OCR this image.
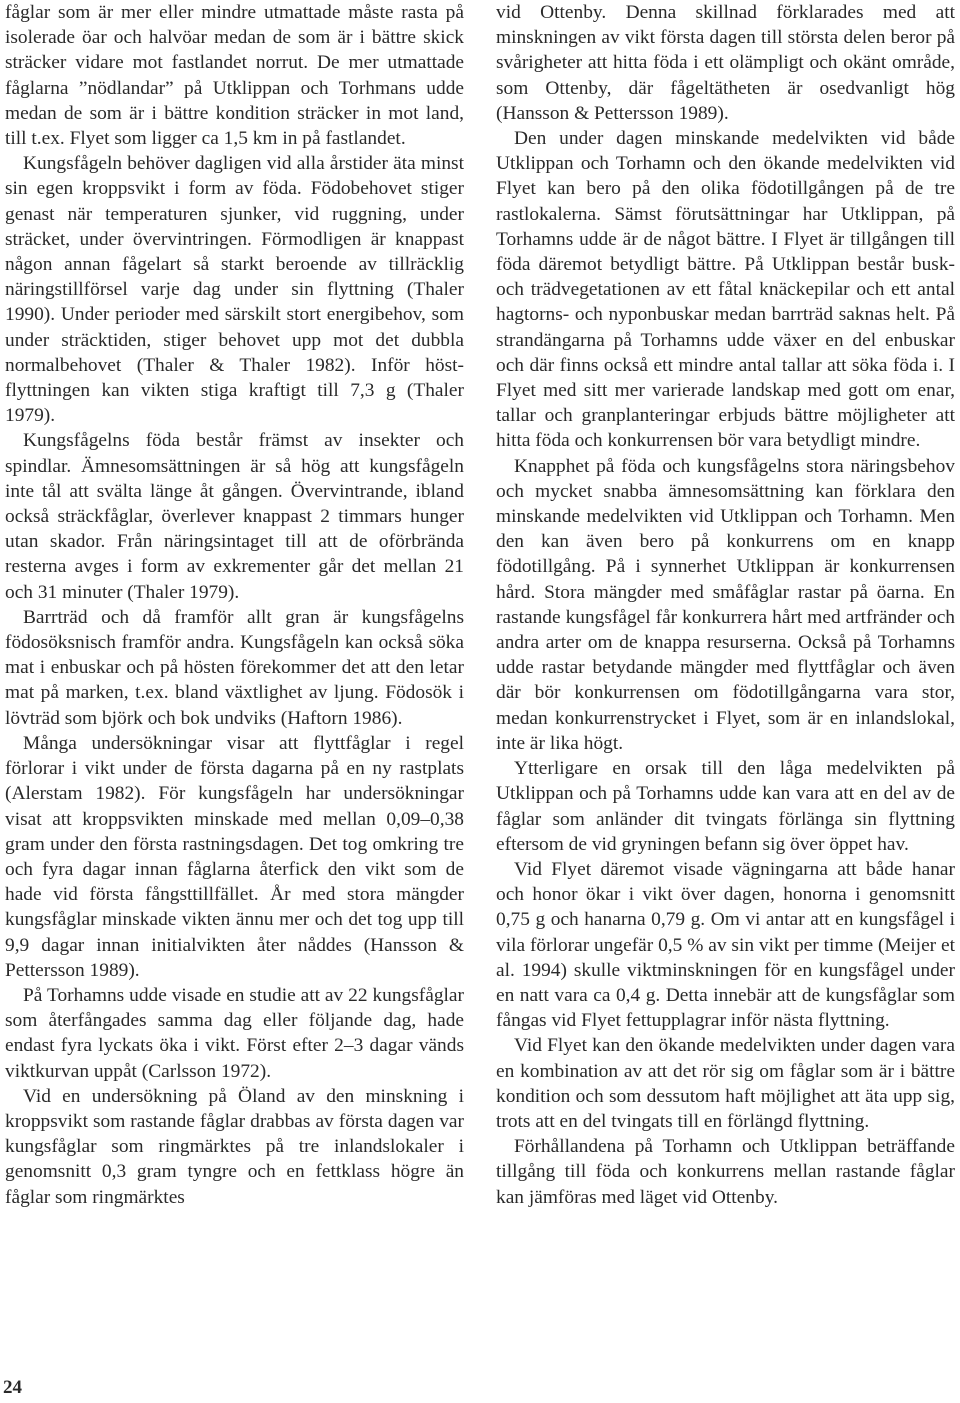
fåglar som är mer eller mindre utmattade måste rasta på isolerade öar och halvöar medan de som är i bättre skick sträcker vidare mot fastlandet norrut. De mer utmattade fåglarna ”nödlandar” på Utklippan och Torhmans udde medan de som är i bättre kondition sträcker in mot land, till t.ex. Flyet som ligger ca 1,5 km in på fastlandet.

Kungsfågeln behöver dagligen vid alla årstider äta minst sin egen kroppsvikt i form av föda. Födobehovet stiger genast när temperaturen sjunker, vid ruggning, under sträcket, under övervintringen. Förmodligen är knappast någon annan fågelart så starkt beroende av tillräcklig näringstillförsel varje dag under sin flyttning (Thaler 1990). Under perioder med särskilt stort energibehov, som under sträcktiden, stiger behovet upp mot det dubbla normalbehovet (Thaler & Thaler 1982). Inför höstflyttningen kan vikten stiga kraftigt till 7,3 g (Thaler 1979).

Kungsfågelns föda består främst av insekter och spindlar. Ämnesomsättningen är så hög att kungsfågeln inte tål att svälta länge åt gången. Övervintrande, ibland också sträckfåglar, överlever knappast 2 timmars hunger utan skador. Från näringsintaget till att de oförbrända resterna avges i form av exkrementer går det mellan 21 och 31 minuter (Thaler 1979).

Barrträd och då framför allt gran är kungsfågelns födosöksnisch framför andra. Kungsfågeln kan också söka mat i enbuskar och på hösten förekommer det att den letar mat på marken, t.ex. bland växtlighet av ljung. Födosök i lövträd som björk och bok undviks (Haftorn 1986).

Många undersökningar visar att flyttfåglar i regel förlorar i vikt under de första dagarna på en ny rastplats (Alerstam 1982). För kungsfågeln har undersökningar visat att kroppsvikten minskade med mellan 0,09–0,38 gram under den första rastningsdagen. Det tog omkring tre och fyra dagar innan fåglarna återfick den vikt som de hade vid första fångsttillfället. År med stora mängder kungsfåglar minskade vikten ännu mer och det tog upp till 9,9 dagar innan initialvikten åter nåddes (Hansson & Pettersson 1989).

På Torhamns udde visade en studie att av 22 kungsfåglar som återfångades samma dag eller följande dag, hade endast fyra lyckats öka i vikt. Först efter 2–3 dagar vänds viktkurvan uppåt (Carlsson 1972).

Vid en undersökning på Öland av den minskning i kroppsvikt som rastande fåglar drabbas av första dagen var kungsfåglar som ringmärktes på tre inlandslokaler i genomsnitt 0,3 gram tyngre och en fettklass högre än fåglar som ringmärktes

vid Ottenby. Denna skillnad förklarades med att minskningen av vikt första dagen till största delen beror på svårigheter att hitta föda i ett olämpligt och okänt område, som Ottenby, där fågeltätheten är osedvanligt hög (Hansson & Pettersson 1989).

Den under dagen minskande medelvikten vid både Utklippan och Torhamn och den ökande medelvikten vid Flyet kan bero på den olika födotillgången på de tre rastlokalerna. Sämst förutsättningar har Utklippan, på Torhamns udde är de något bättre. I Flyet är tillgången till föda däremot betydligt bättre. På Utklippan består busk- och trädvegetationen av ett fåtal knäckepilar och ett antal hagtorns- och nyponbuskar medan barrträd saknas helt. På strandängarna på Torhamns udde växer en del enbuskar och där finns också ett mindre antal tallar att söka föda i. I Flyet med sitt mer varierade landskap med gott om enar, tallar och granplanteringar erbjuds bättre möjligheter att hitta föda och konkurrensen bör vara betydligt mindre.

Knapphet på föda och kungsfågelns stora näringsbehov och mycket snabba ämnesomsättning kan förklara den minskande medelvikten vid Utklippan och Torhamn. Men den kan även bero på konkurrens om en knapp födotillgång. På i synnerhet Utklippan är konkurrensen hård. Stora mängder med småfåglar rastar på öarna. En rastande kungsfågel får konkurrera hårt med artfränder och andra arter om de knappa resurserna. Också på Torhamns udde rastar betydande mängder med flyttfåglar och även där bör konkurrensen om födotillgångarna vara stor, medan konkurrenstrycket i Flyet, som är en inlandslokal, inte är lika högt.

Ytterligare en orsak till den låga medelvikten på Utklippan och på Torhamns udde kan vara att en del av de fåglar som anländer dit tvingats förlänga sin flyttning eftersom de vid gryningen befann sig över öppet hav.

Vid Flyet däremot visade vägningarna att både hanar och honor ökar i vikt över dagen, honorna i genomsnitt 0,75 g och hanarna 0,79 g. Om vi antar att en kungsfågel i vila förlorar ungefär 0,5 % av sin vikt per timme (Meijer et al. 1994) skulle viktminskningen för en kungsfågel under en natt vara ca 0,4 g. Detta innebär att de kungsfåglar som fångas vid Flyet fettupplagrar inför nästa flyttning.

Vid Flyet kan den ökande medelvikten under dagen vara en kombination av att det rör sig om fåglar som är i bättre kondition och som dessutom haft möjlighet att äta upp sig, trots att en del tvingats till en förlängd flyttning.

Förhållandena på Torhamn och Utklippan beträffande tillgång till föda och konkurrens mellan rastande fåglar kan jämföras med läget vid Ottenby.

24
